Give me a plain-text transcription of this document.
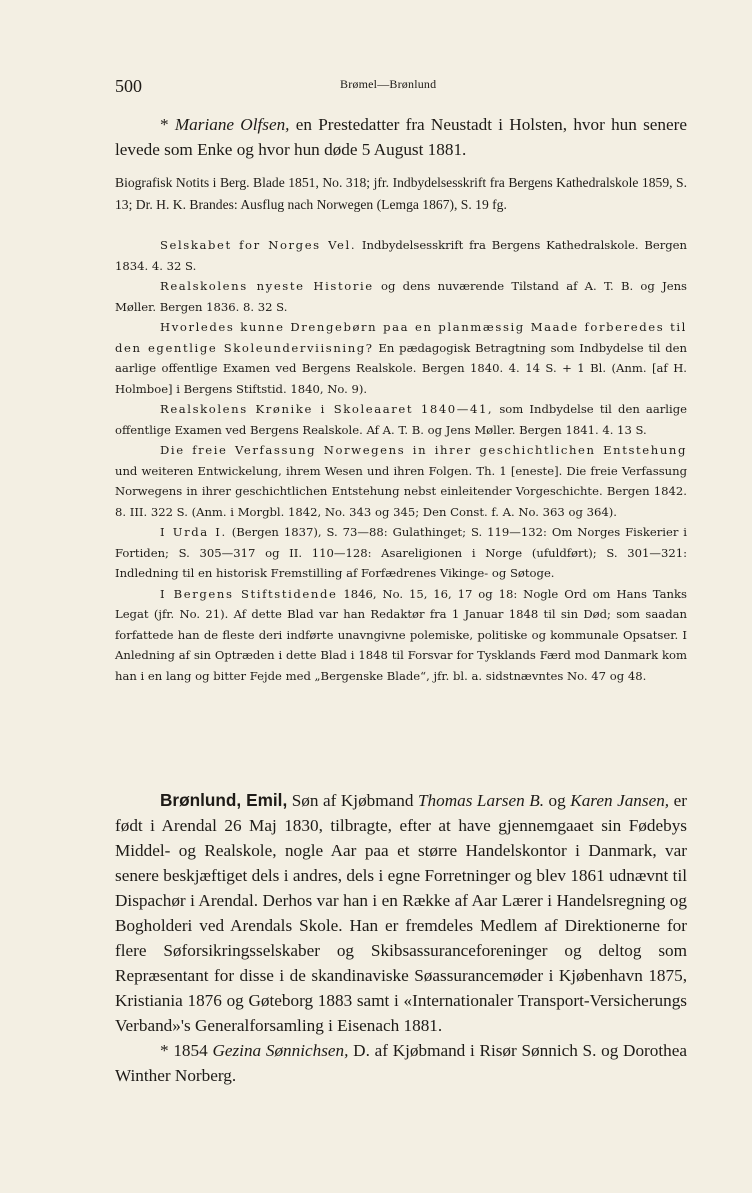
500	Brømel—Brønlund

* Mariane Olfsen, en Prestedatter fra Neustadt i Holsten, hvor hun senere levede som Enke og hvor hun døde 5 August 1881.

Biografisk Notits i Berg. Blade 1851, No. 318; jfr. Indbydelsesskrift fra Bergens Kathedralskole 1859, S. 13; Dr. H. K. Brandes: Ausflug nach Norwegen (Lemga 1867), S. 19 fg.

Selskabet for Norges Vel. Indbydelsesskrift fra Bergens Kathedralskole. Bergen 1834. 4. 32 S.

Realskolens nyeste Historie og dens nuværende Tilstand af A. T. B. og Jens Møller. Bergen 1836. 8. 32 S.

Hvorledes kunne Drengebørn paa en planmæssig Maade forberedes til den egentlige Skoleunderviisning? En pædagogisk Betragtning som Indbydelse til den aarlige offentlige Examen ved Bergens Realskole. Bergen 1840. 4. 14 S. + 1 Bl. (Anm. [af H. Holmboe] i Bergens Stiftstid. 1840, No. 9).

Realskolens Krønike i Skoleaaret 1840—41, som Indbydelse til den aarlige offentlige Examen ved Bergens Realskole. Af A. T. B. og Jens Møller. Bergen 1841. 4. 13 S.

Die freie Verfassung Norwegens in ihrer geschichtlichen Entstehung und weiteren Entwickelung, ihrem Wesen und ihren Folgen. Th. 1 [eneste]. Die freie Verfassung Norwegens in ihrer geschichtlichen Entstehung nebst einleitender Vorgeschichte. Bergen 1842. 8. III. 322 S. (Anm. i Morgbl. 1842, No. 343 og 345; Den Const. f. A. No. 363 og 364).

I Urda I. (Bergen 1837), S. 73—88: Gulathinget; S. 119—132: Om Norges Fiskerier i Fortiden; S. 305—317 og II. 110—128: Asareligionen i Norge (ufuldført); S. 301—321: Indledning til en historisk Fremstilling af Forfædrenes Vikinge- og Søtoge.

I Bergens Stiftstidende 1846, No. 15, 16, 17 og 18: Nogle Ord om Hans Tanks Legat (jfr. No. 21). Af dette Blad var han Redaktør fra 1 Januar 1848 til sin Død; som saadan forfattede han de fleste deri indførte unavngivne polemiske, politiske og kommunale Opsatser. I Anledning af sin Optræden i dette Blad i 1848 til Forsvar for Tysklands Færd mod Danmark kom han i en lang og bitter Fejde med „Bergenske Blade“, jfr. bl. a. sidstnævntes No. 47 og 48.

Brønlund, Emil, Søn af Kjøbmand Thomas Larsen B. og Karen Jansen, er født i Arendal 26 Maj 1830, tilbragte, efter at have gjennemgaaet sin Fødebys Middel- og Realskole, nogle Aar paa et større Handelskontor i Danmark, var senere beskjæftiget dels i andres, dels i egne Forretninger og blev 1861 udnævnt til Dispachør i Arendal. Derhos var han i en Række af Aar Lærer i Handelsregning og Bogholderi ved Arendals Skole. Han er fremdeles Medlem af Direktionerne for flere Søforsikringsselskaber og Skibsassuranceforeninger og deltog som Repræsentant for disse i de skandinaviske Søassurancemøder i Kjøbenhavn 1875, Kristiania 1876 og Gøteborg 1883 samt i «Internationaler Transport-Versicherungs Verband»'s Generalforsamling i Eisenach 1881.

* 1854 Gezina Sønnichsen, D. af Kjøbmand i Risør Sønnich S. og Dorothea Winther Norberg.
